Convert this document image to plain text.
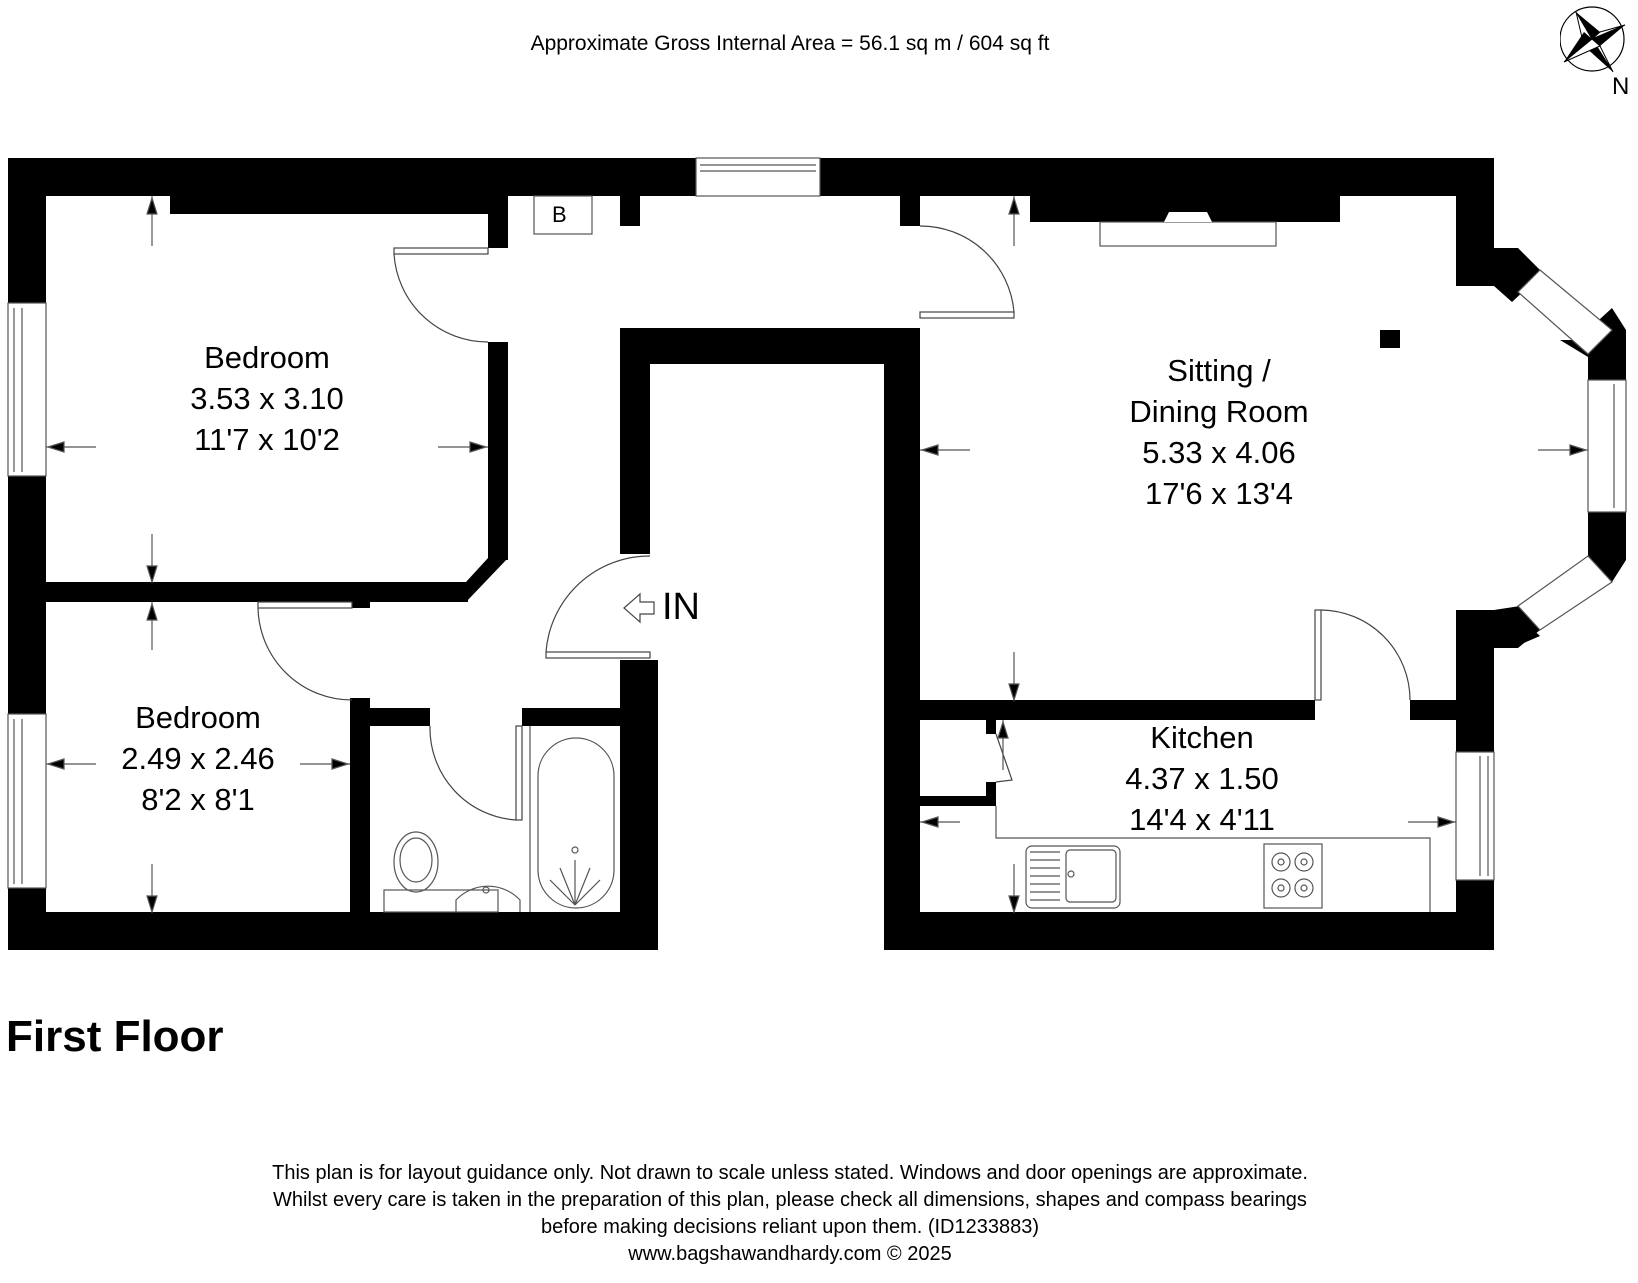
Approximate Gross Internal Area = 56.1 sq m / 604 sq ft
N
B
IN
Bedroom
3.53 x 3.10
11'7 x 10'2
Bedroom
2.49 x 2.46
8'2 x 8'1
Sitting /
Dining Room
5.33 x 4.06
17'6 x 13'4
Kitchen
4.37 x 1.50
14'4 x 4'11
First Floor
This plan is for layout guidance only. Not drawn to scale unless stated. Windows and door openings are approximate.
Whilst every care is taken in the preparation of this plan, please check all dimensions, shapes and compass bearings
before making decisions reliant upon them. (ID1233883)
www.bagshawandhardy.com © 2025
